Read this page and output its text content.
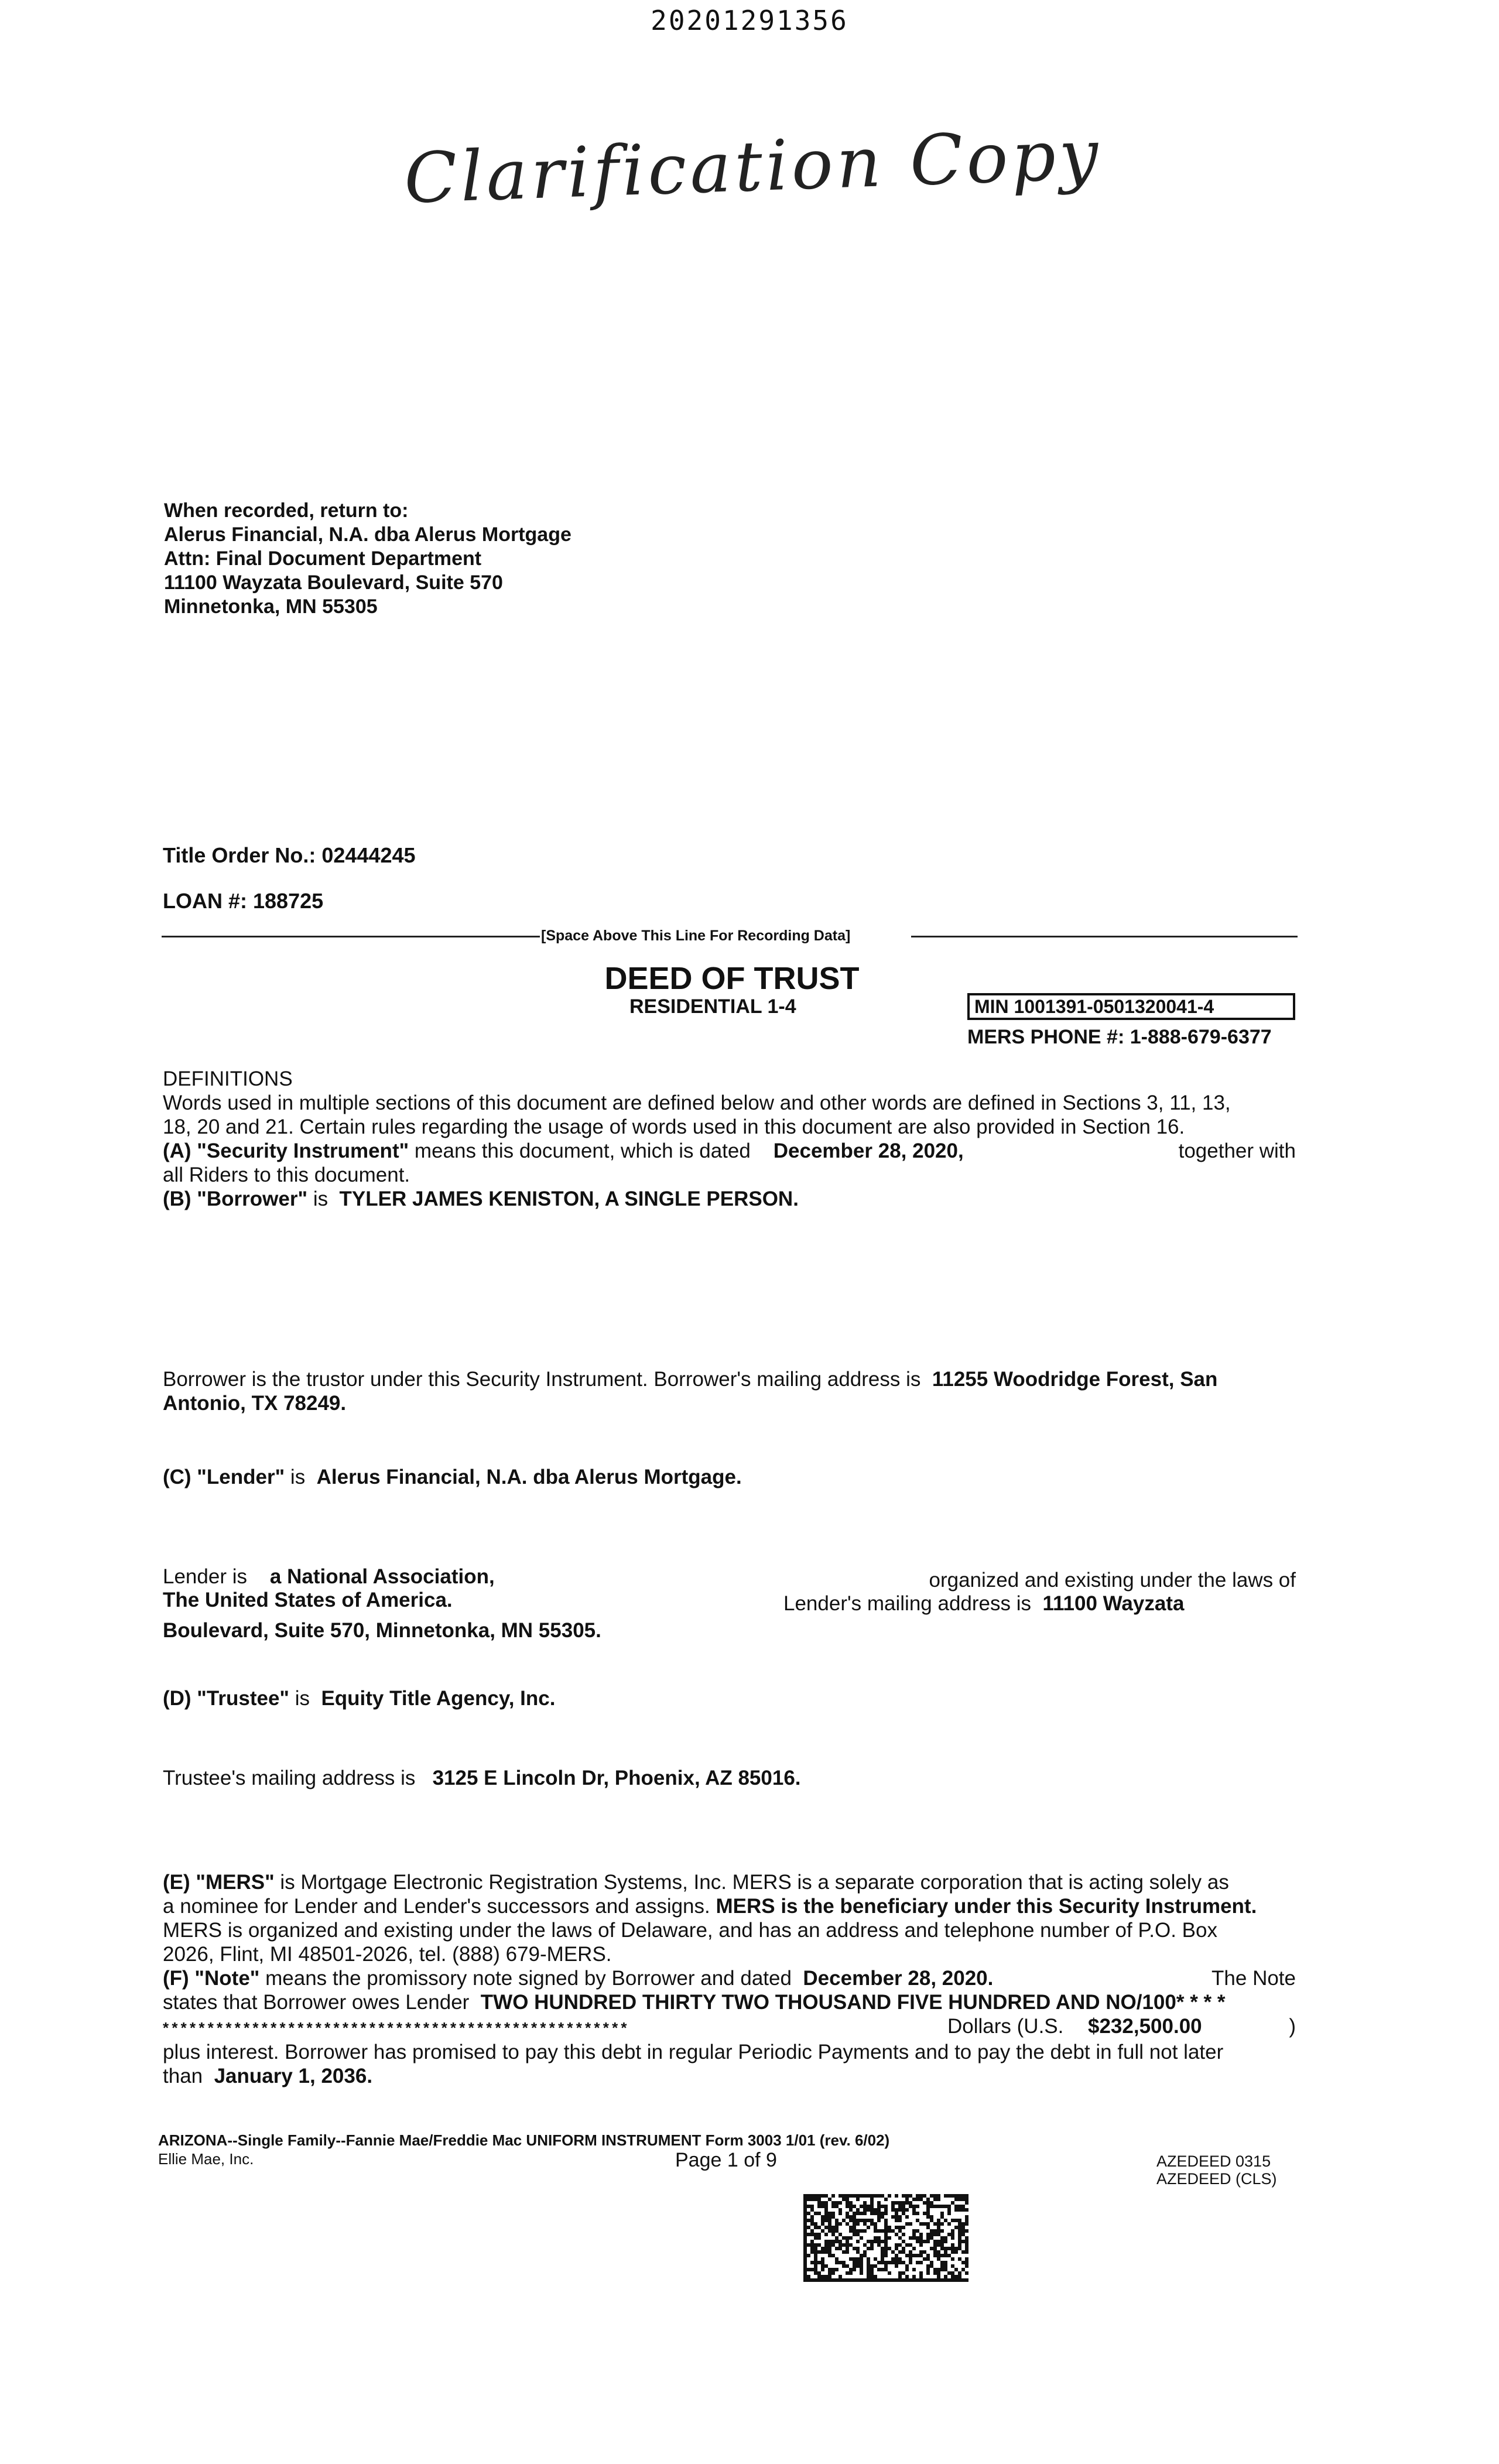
20201291356
Clarification Copy
When recorded, return to:
Alerus Financial, N.A. dba Alerus Mortgage
Attn: Final Document Department
11100 Wayzata Boulevard, Suite 570
Minnetonka, MN 55305
Title Order No.: 02444245
LOAN #: 188725
[Space Above This Line For Recording Data]
DEED OF TRUST
RESIDENTIAL 1-4	MIN 1001391-0501320041-4
MERS PHONE #: 1-888-679-6377

DEFINITIONS

Words used in multiple sections of this document are defined below and other words are defined in Sections 3, 11, 13,

18, 20 and 21. Certain rules regarding the usage of words used in this document are also provided in Section 16.

(A) "Security Instrument" means this document, which is dated December 28, 2020,	together with

all Riders to this document.

(B) "Borrower" is TYLER JAMES KENISTON, A SINGLE PERSON.

Borrower is the trustor under this Security Instrument. Borrower's mailing address is 11255 Woodridge Forest, San

Antonio, TX 78249.

(C) "Lender" is Alerus Financial, N.A. dba Alerus Mortgage.

Lender is a National Association,	organized and existing under the laws of
The United States of America.	Lender's mailing address is 11100 Wayzata
Boulevard, Suite 570, Minnetonka, MN 55305.

(D) "Trustee" is Equity Title Agency, Inc.

Trustee's mailing address is 3125 E Lincoln Dr, Phoenix, AZ 85016.

(E) "MERS" is Mortgage Electronic Registration Systems, Inc. MERS is a separate corporation that is acting solely as

a nominee for Lender and Lender's successors and assigns. MERS is the beneficiary under this Security Instrument.

MERS is organized and existing under the laws of Delaware, and has an address and telephone number of P.O. Box

2026, Flint, MI 48501-2026, tel. (888) 679-MERS.

(F) "Note" means the promissory note signed by Borrower and dated December 28, 2020.	The Note

states that Borrower owes Lender TWO HUNDRED THIRTY TWO THOUSAND FIVE HUNDRED AND NO/100* * * *

* * * * * * * * * * * * * * * * * * * * * * * * * * * * * * * * * * * * * * * * * * * * * * * * * * * *	Dollars (U.S. $232,500.00	)

plus interest. Borrower has promised to pay this debt in regular Periodic Payments and to pay the debt in full not later

than January 1, 2036.

ARIZONA--Single Family--Fannie Mae/Freddie Mac UNIFORM INSTRUMENT Form 3003 1/01 (rev. 6/02)
Ellie Mae, Inc.	Page 1 of 9	AZEDEED 0315
AZEDEED (CLS)
